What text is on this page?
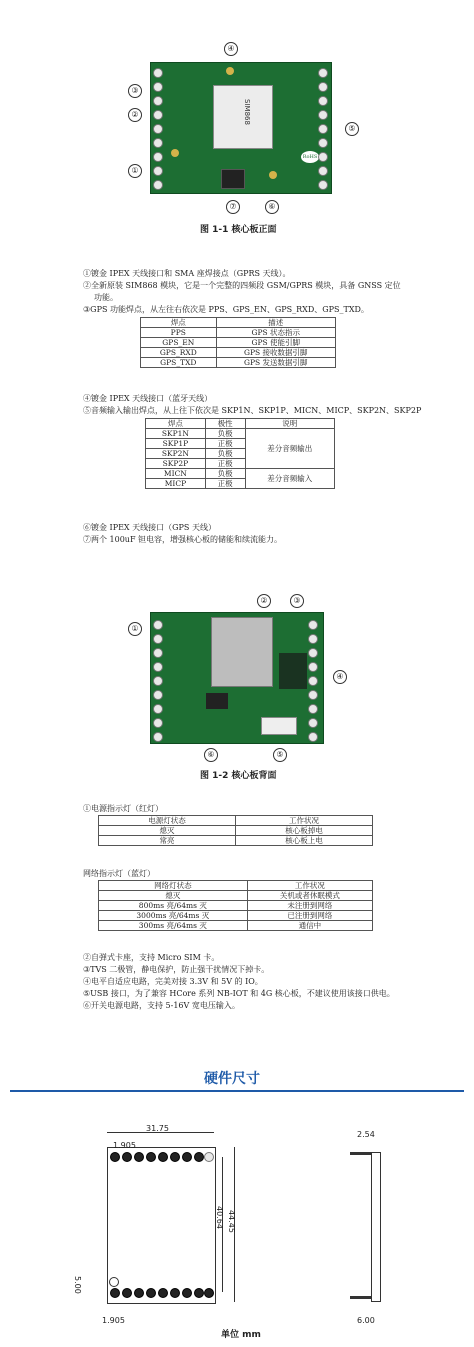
SIM868
RoHS
④
③
②
⑤
①
⑦	⑥
图 1-1 核心板正面
①镀金 IPEX 天线接口和 SMA 座焊接点（GPRS 天线）。
②全新原装 SIM868 模块，它是一个完整的四频段 GSM/GPRS 模块，具备 GNSS 定位
功能。
③GPS 功能焊点，从左往右依次是 PPS、GPS_EN、GPS_RXD、GPS_TXD。
焊点	描述
PPS	GPS 状态指示
GPS_EN	GPS 使能引脚
GPS_RXD	GPS 接收数据引脚
GPS_TXD	GPS 发送数据引脚
④镀金 IPEX 天线接口（蓝牙天线）
⑤音频输入输出焊点，从上往下依次是 SKP1N、SKP1P、MICN、MICP、SKP2N、SKP2P
焊点	极性	说明
SKP1N	负极	差分音频输出
SKP1P	正极	
SKP2N	负极	
SKP2P	正极	
MICN	负极	差分音频输入
MICP	正极	
⑥镀金 IPEX 天线接口（GPS 天线）
⑦两个 100uF 钽电容，增强核心板的储能和续流能力。
②	③
①
④
⑥	⑤
图 1-2 核心板背面
①电源指示灯（红灯）
电源灯状态	工作状况
熄灭	核心板掉电
常亮	核心板上电
网络指示灯（蓝灯）
网络灯状态	工作状况
熄灭	关机或者休眠模式
800ms 亮/64ms 灭	未注册到网络
3000ms 亮/64ms 灭	已注册到网络
300ms 亮/64ms 灭	通信中
②自弹式卡座，支持 Micro SIM 卡。
③TVS 二极管，静电保护，防止强干扰情况下掉卡。
④电平自适应电路，完美对接 3.3V 和 5V 的 IO。
⑤USB 接口，为了兼容 HCore 系列 NB-IOT 和 4G 核心板，不建议使用该接口供电。
⑥开关电源电路，支持 5-16V 宽电压输入。
硬件尺寸
31.75
1.905
44.45
40.64
5.00
1.905
2.54
6.00
单位 mm
